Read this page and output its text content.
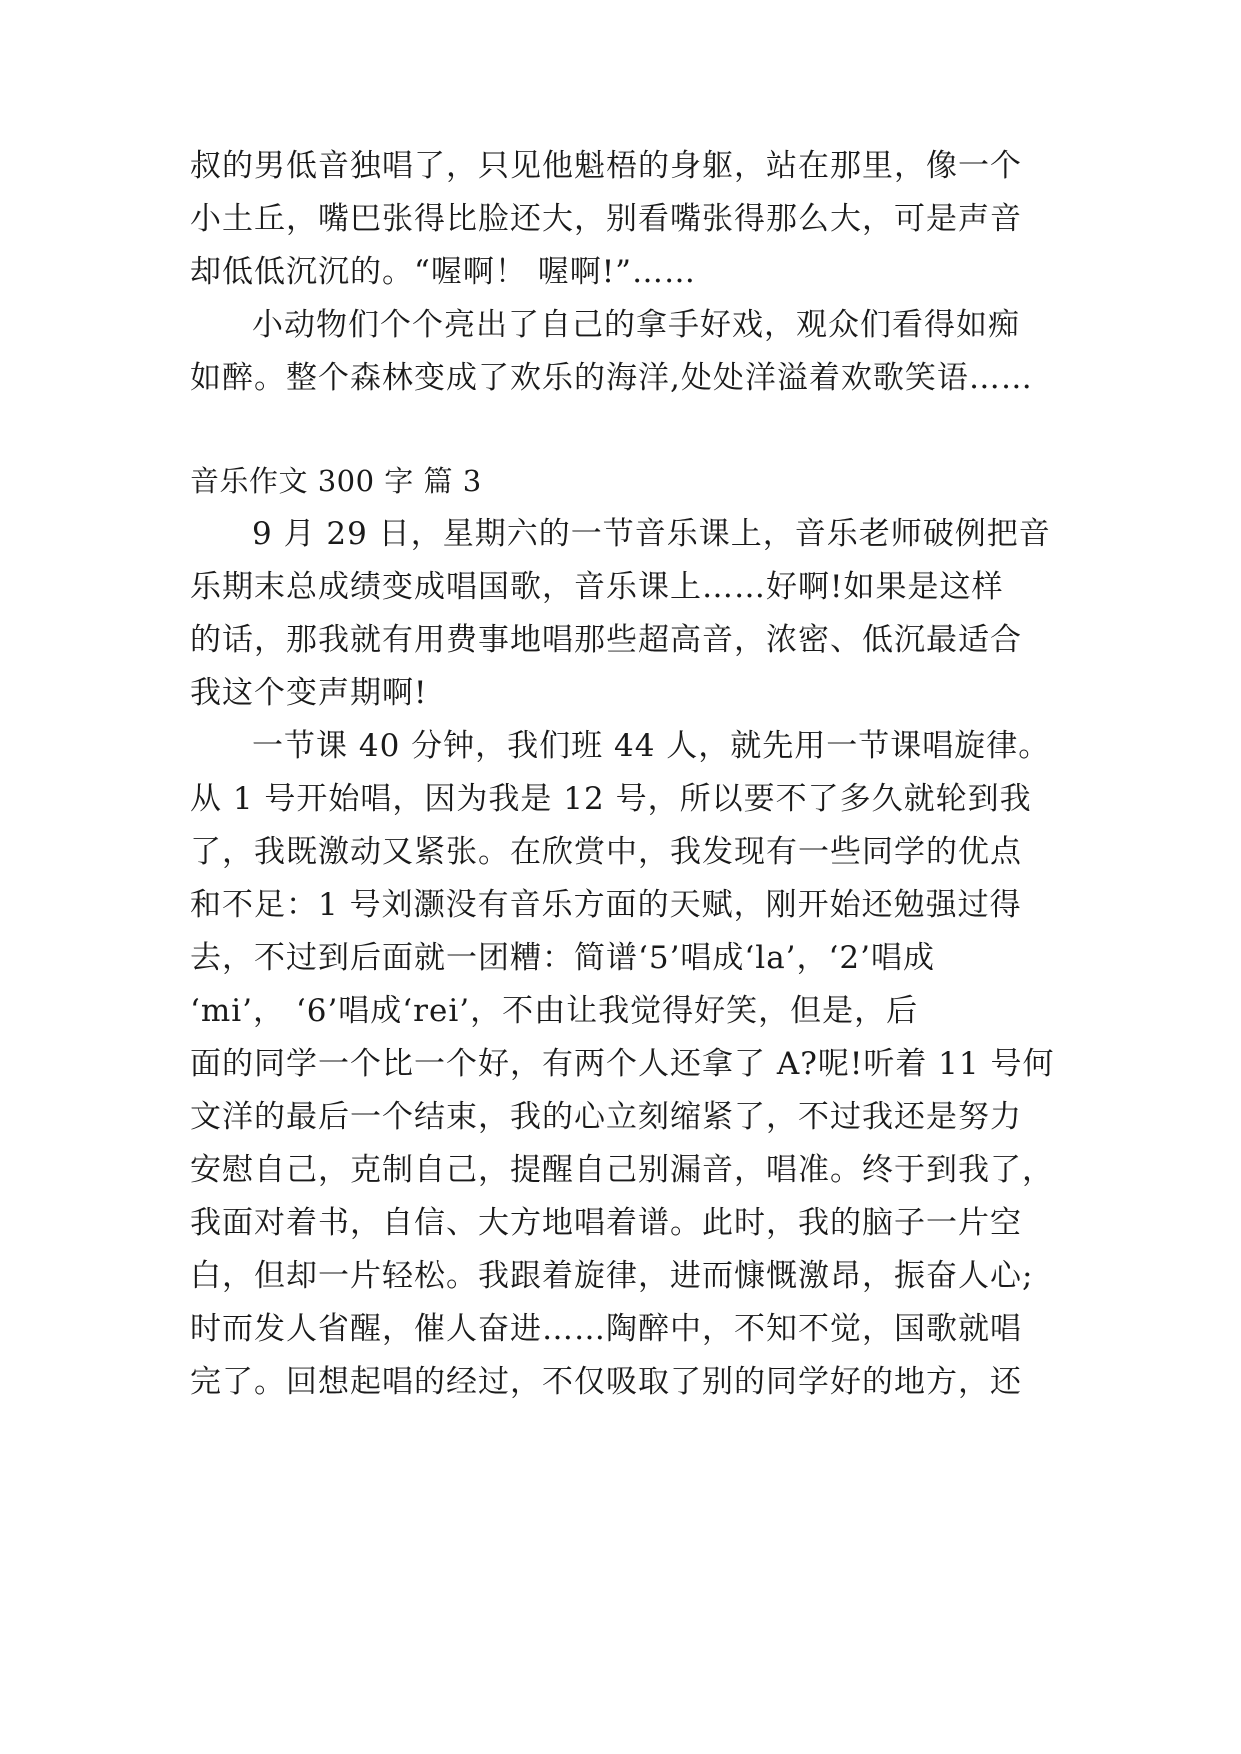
叔的男低音独唱了，只见他魁梧的身躯，站在那里，像一个
小土丘，嘴巴张得比脸还大，别看嘴张得那么大，可是声音
却低低沉沉的。“喔啊！ 喔啊!”……
小动物们个个亮出了自己的拿手好戏，观众们看得如痴
如醉。整个森林变成了欢乐的海洋,处处洋溢着欢歌笑语……
音乐作文 300 字 篇 3
9 月 29 日，星期六的一节音乐课上，音乐老师破例把音
乐期末总成绩变成唱国歌，音乐课上……好啊!如果是这样
的话，那我就有用费事地唱那些超高音，浓密、低沉最适合
我这个变声期啊!
一节课 40 分钟，我们班 44 人，就先用一节课唱旋律。
从 1 号开始唱，因为我是 12 号，所以要不了多久就轮到我
了，我既激动又紧张。在欣赏中，我发现有一些同学的优点
和不足：1 号刘灏没有音乐方面的天赋，刚开始还勉强过得
去，不过到后面就一团糟：简谱‘5’唱成‘la’，‘2’唱成
‘mi’， ‘6’唱成‘rei’，不由让我觉得好笑，但是，后
面的同学一个比一个好，有两个人还拿了 A?呢!听着 11 号何
文洋的最后一个结束，我的心立刻缩紧了，不过我还是努力
安慰自己，克制自己，提醒自己别漏音，唱准。终于到我了，
我面对着书，自信、大方地唱着谱。此时，我的脑子一片空
白，但却一片轻松。我跟着旋律，进而慷慨激昂，振奋人心;
时而发人省醒，催人奋进……陶醉中，不知不觉，国歌就唱
完了。回想起唱的经过，不仅吸取了别的同学好的地方，还
